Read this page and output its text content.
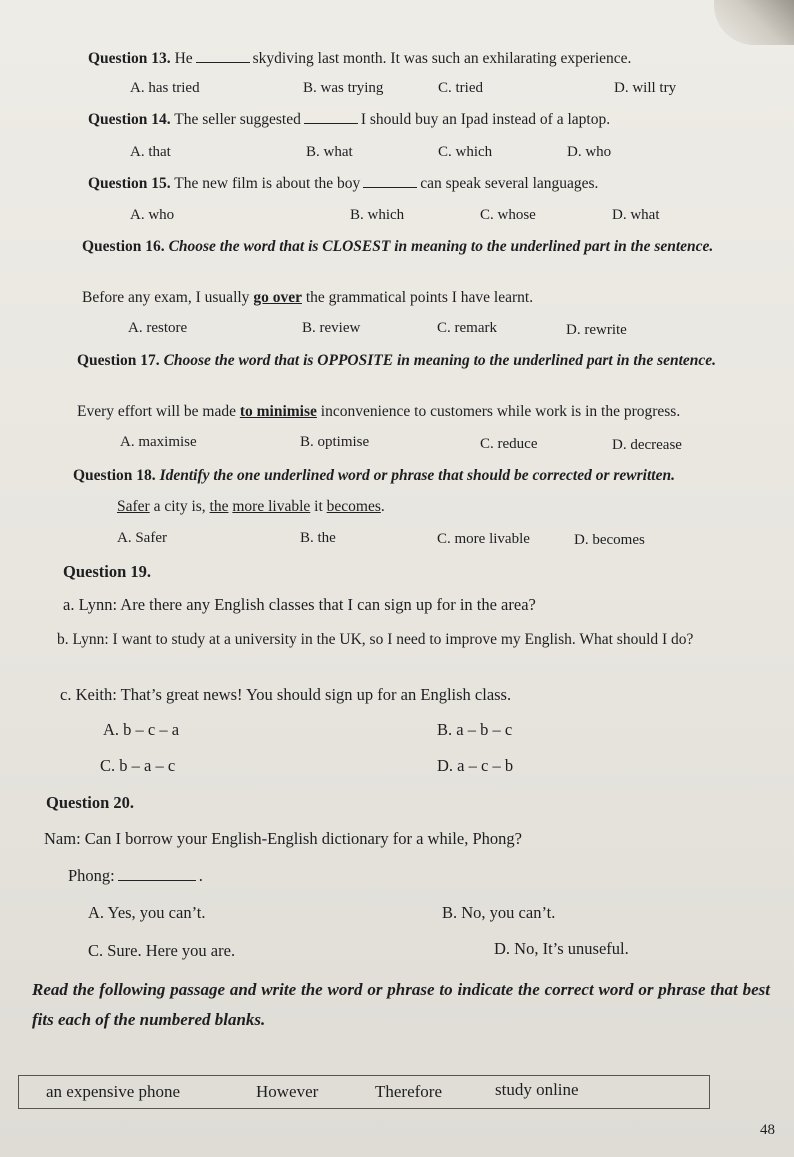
Question 13. He	skydiving last month. It was such an exhilarating experience.
A. has tried	B. was trying	C. tried	D. will try
Question 14. The seller suggested	I should buy an Ipad instead of a laptop.
A. that	B. what	C. which	D. who
Question 15. The new film is about the boy	can speak several languages.
A. who	B. which	C. whose	D. what
Question 16. Choose the word that is CLOSEST in meaning to the underlined part in the sentence.
Before any exam, I usually go over the grammatical points I have learnt.
A. restore	B. review	C. remark	D. rewrite
Question 17. Choose the word that is OPPOSITE in meaning to the underlined part in the sentence.
Every effort will be made to minimise inconvenience to customers while work is in the progress.
A. maximise	B. optimise	C. reduce	D. decrease
Question 18. Identify the one underlined word or phrase that should be corrected or rewritten.
Safer a city is, the more livable it becomes.
A. Safer	B. the	C. more livable	D. becomes
Question 19.
a. Lynn: Are there any English classes that I can sign up for in the area?
b. Lynn: I want to study at a university in the UK, so I need to improve my English. What should I do?
c. Keith: That’s great news! You should sign up for an English class.
A. b – c – a	B. a – b – c
C. b – a – c	D. a – c – b
Question 20.
Nam: Can I borrow your English-English dictionary for a while, Phong?
Phong:	.
A. Yes, you can’t.	B. No, you can’t.
C. Sure. Here you are.	D. No, It’s unuseful.
Read the following passage and write the word or phrase to indicate the correct word or phrase that best fits each of the numbered blanks.
an expensive phone	However	Therefore	study online
48
